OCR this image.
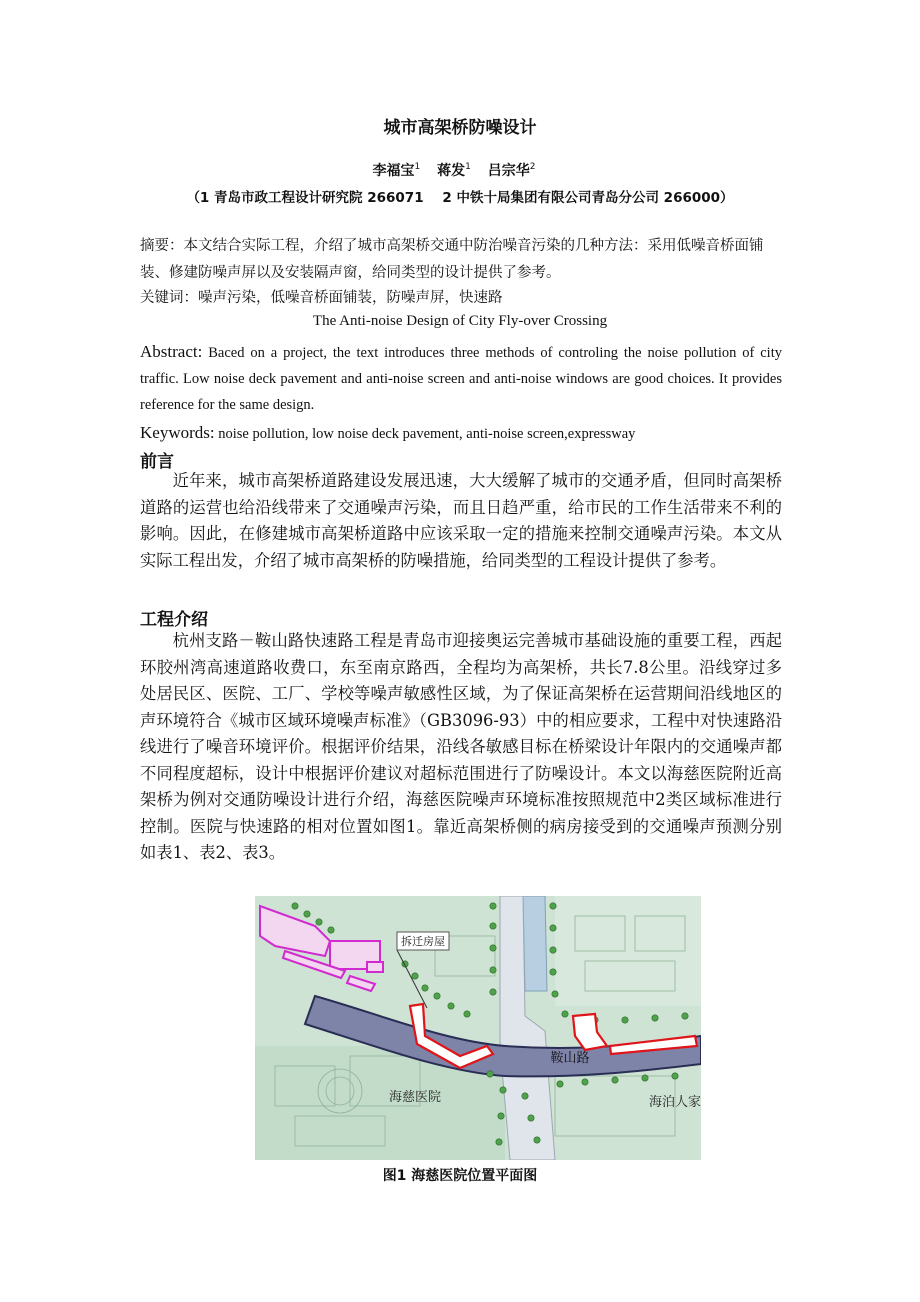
城市高架桥防噪设计
李福宝$^1$ 蒋发$^1$ 吕宗华$^2$
（1 青岛市政工程设计研究院 266071    2 中铁十局集团有限公司青岛分公司 266000）
摘要：本文结合实际工程，介绍了城市高架桥交通中防治噪音污染的几种方法：采用低噪音桥面铺装、修建防噪声屏以及安装隔声窗，给同类型的设计提供了参考。
关键词：噪声污染，低噪音桥面铺装，防噪声屏，快速路
The Anti-noise Design of City Fly-over Crossing
Abstract: Baced on a project, the text introduces three methods of controling the noise pollution of city traffic. Low noise deck pavement and anti-noise screen and anti-noise windows are good choices. It provides reference for the same design.
Keywords: noise pollution, low noise deck pavement, anti-noise screen,expressway
前言
近年来，城市高架桥道路建设发展迅速，大大缓解了城市的交通矛盾，但同时高架桥道路的运营也给沿线带来了交通噪声污染，而且日趋严重，给市民的工作生活带来不利的影响。因此，在修建城市高架桥道路中应该采取一定的措施来控制交通噪声污染。本文从实际工程出发，介绍了城市高架桥的防噪措施，给同类型的工程设计提供了参考。
工程介绍
杭州支路－鞍山路快速路工程是青岛市迎接奥运完善城市基础设施的重要工程，西起环胶州湾高速道路收费口，东至南京路西，全程均为高架桥，共长7.8公里。沿线穿过多处居民区、医院、工厂、学校等噪声敏感性区域，为了保证高架桥在运营期间沿线地区的声环境符合《城市区域环境噪声标准》（GB3096-93）中的相应要求，工程中对快速路沿线进行了噪音环境评价。根据评价结果，沿线各敏感目标在桥梁设计年限内的交通噪声都不同程度超标，设计中根据评价建议对超标范围进行了防噪设计。本文以海慈医院附近高架桥为例对交通防噪设计进行介绍，海慈医院噪声环境标准按照规范中2类区域标准进行控制。医院与快速路的相对位置如图1。靠近高架桥侧的病房接受到的交通噪声预测分别如表1、表2、表3。
拆迁房屋
鞍山路
海慈医院	海泊人家
图1 海慈医院位置平面图
